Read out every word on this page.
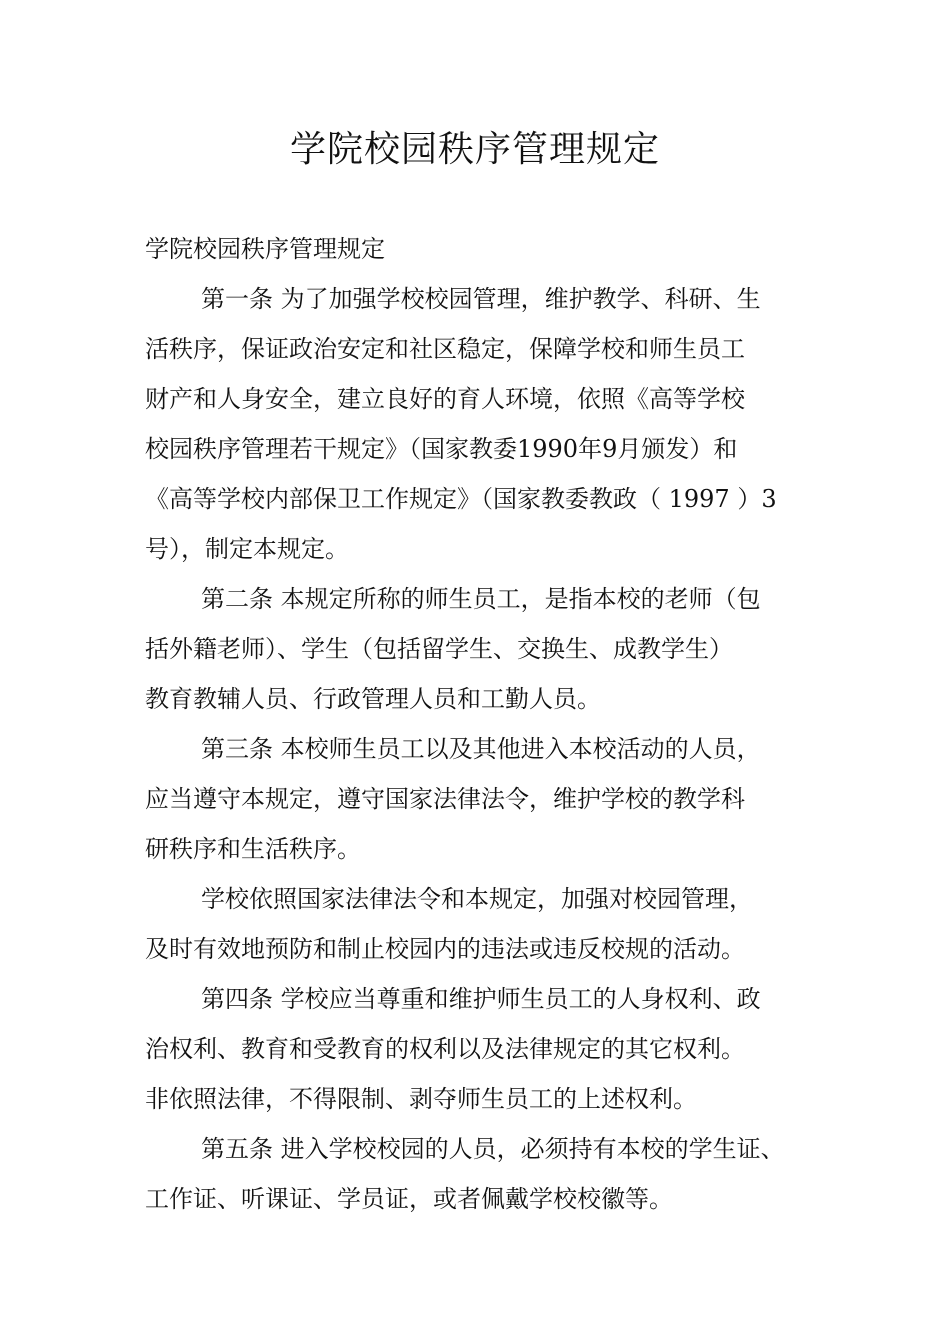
学院校园秩序管理规定
学院校园秩序管理规定
第一条 为了加强学校校园管理，维护教学、科研、生
活秩序，保证政治安定和社区稳定，保障学校和师生员工
财产和人身安全，建立良好的育人环境，依照《高等学校
校园秩序管理若干规定》（国家教委1990年9月颁发）和
《高等学校内部保卫工作规定》（国家教委教政（ 1997 ）3
号），制定本规定。
第二条 本规定所称的师生员工，是指本校的老师（包
括外籍老师）、学生（包括留学生、交换生、成教学生）
教育教辅人员、行政管理人员和工勤人员。
第三条 本校师生员工以及其他进入本校活动的人员，
应当遵守本规定，遵守国家法律法令，维护学校的教学科
研秩序和生活秩序。
学校依照国家法律法令和本规定，加强对校园管理，
及时有效地预防和制止校园内的违法或违反校规的活动。
第四条 学校应当尊重和维护师生员工的人身权利、政
治权利、教育和受教育的权利以及法律规定的其它权利。
非依照法律，不得限制、剥夺师生员工的上述权利。
第五条 进入学校校园的人员，必须持有本校的学生证、
工作证、听课证、学员证，或者佩戴学校校徽等。
